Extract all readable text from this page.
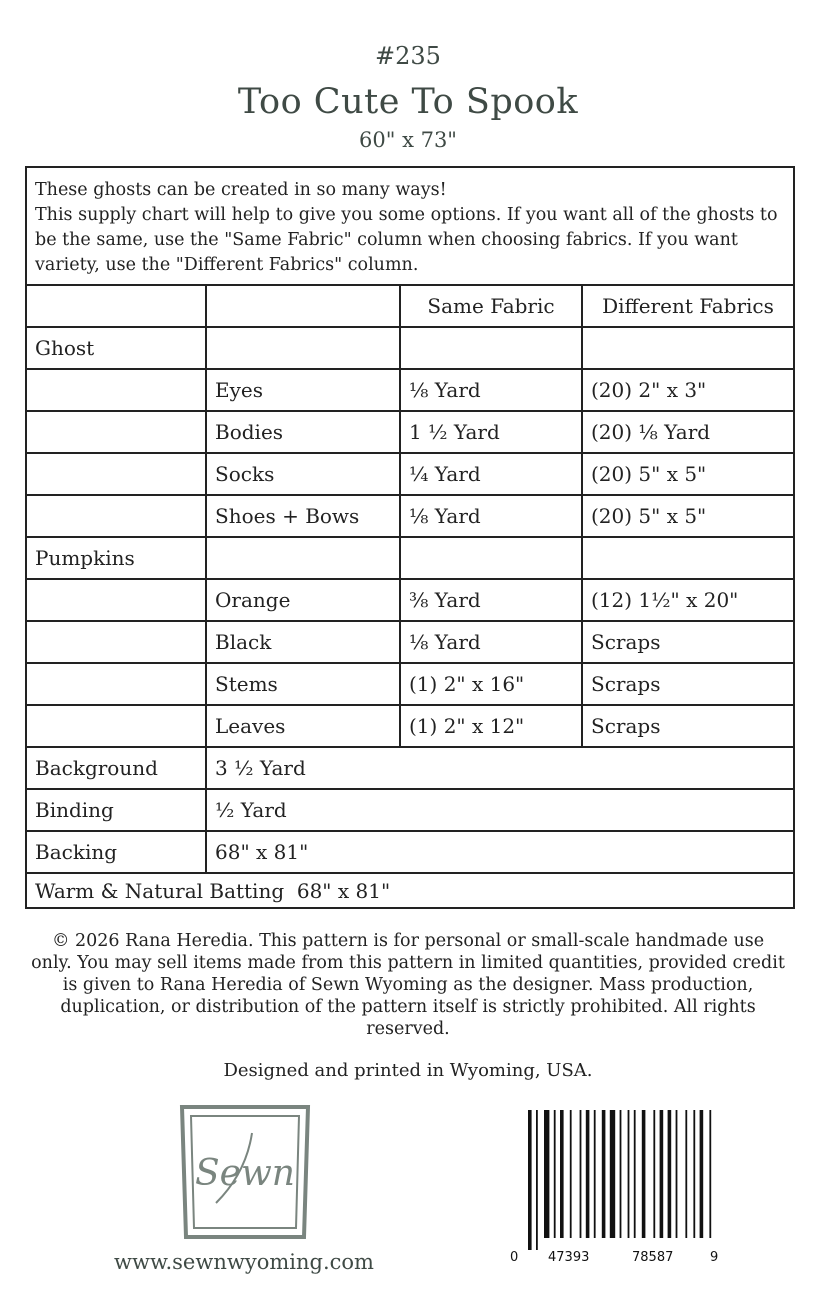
#235
Too Cute To Spook
60" x 73"

These ghosts can be created in so many ways!

This supply chart will help to give you some options. If you want all of the ghosts to be the same, use the "Same Fabric" column when choosing fabrics. If you want variety, use the "Different Fabrics" column.

Same Fabric	Different Fabrics
Ghost
Eyes	⅛ Yard	(20) 2" x 3"
Bodies	1 ½ Yard	(20) ⅛ Yard
Socks	¼ Yard	(20) 5" x 5"
Shoes + Bows	⅛ Yard	(20) 5" x 5"
Pumpkins
Orange	⅜ Yard	(12) 1½" x 20"
Black	⅛ Yard	Scraps
Stems	(1) 2" x 16"	Scraps
Leaves	(1) 2" x 12"	Scraps
Background	3 ½ Yard
Binding	½ Yard
Backing	68" x 81"
Warm & Natural Batting  68" x 81"
© 2026 Rana Heredia. This pattern is for personal or small-scale handmade use only. You may sell items made from this pattern in limited quantities, provided credit is given to Rana Heredia of Sewn Wyoming as the designer. Mass production, duplication, or distribution of the pattern itself is strictly prohibited. All rights reserved.
Designed and printed in Wyoming, USA.
Sewn
www.sewnwyoming.com	0 47393	78587	9
